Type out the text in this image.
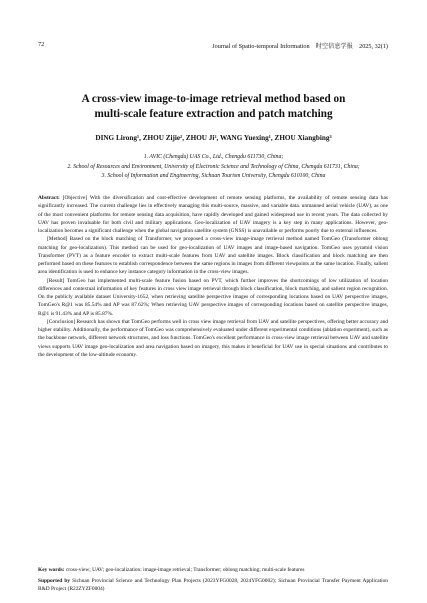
72	Journal of Spatio-temporal Information　时空信息学报　2025, 32(1)
A cross-view image-to-image retrieval method based on
multi-scale feature extraction and patch matching
DING Lirong¹, ZHOU Zijie², ZHOU Ji², WANG Yuexing¹, ZHOU Xiangbing³
1. AVIC (Chengdu) UAS Co., Ltd., Chengdu 611730, China;
2. School of Resources and Environment, University of Electronic Science and Technology of China, Chengdu 611731, China;
3. School of Information and Engineering, Sichuan Tourism University, Chengdu 610100, China

Abstract: [Objective] With the diversification and cost-effective development of remote sensing platforms, the availability of remote sensing data has significantly increased. The current challenge lies in effectively managing this multi-source, massive, and variable data. unmanned aerial vehicle (UAV), as one of the most convenient platforms for remote sensing data acquisition, have rapidly developed and gained widespread use in recent years. The data collected by UAV has proven invaluable for both civil and military applications. Geo-localization of UAV imagery is a key step in many applications. However, geo-localization becomes a significant challenge when the global navigation satellite system (GNSS) is unavailable or performs poorly due to external influences.

[Method] Based on the block matching of Transformer, we proposed a cross-view image-image retrieval method named TomGeo (Transformer oblong matching for geo-localization). This method can be used for geo-localization of UAV images and image-based navigation. TomGeo uses pyramid vision Transformer (PVT) as a feature encoder to extract multi-scale features from UAV and satellite images. Block classification and block matching are then performed based on these features to establish correspondence between the same regions in images from different viewpoints at the same location. Finally, salient area identification is used to enhance key instance category information in the cross-view images.

[Result] TomGeo has implemented multi-scale feature fusion based on PVT, which further improves the shortcomings of low utilization of location differences and contextual information of key features in cross view image retrieval through block classification, block matching, and salient region recognition. On the publicly available dataset University-1652, when retrieving satellite perspective images of corresponding locations based on UAV perspective images, TomGeo's R@1 was 85.54% and AP was 87.62%; When retrieving UAV perspective images of corresponding locations based on satellite perspective images, R@1 is 91.43% and AP is 85.87%.

[Conclusion] Research has shown that TomGeo performs well in cross view image retrieval from UAV and satellite perspectives, offering better accuracy and higher stability. Additionally, the performance of TomGeo was comprehensively evaluated under different experimental conditions (ablation experiment), such as the backbone network, different network structures, and loss functions. TomGeo's excellent performance in cross-view image retrieval between UAV and satellite views supports UAV image geo-localization and area navigation based on imagery, this makes it beneficial for UAV use in special situations and contributes to the development of the low-altitude economy.

Key words: cross-view; UAV; geo-localization; image-image retrieval; Transformer; oblong matching; multi-scale features

Supported by Sichuan Provincial Science and Technology Plan Projects (2023YFG0028, 2024YFG0002); Sichuan Provincial Transfer Payment Application R&D Project (R22ZYZF0004)
